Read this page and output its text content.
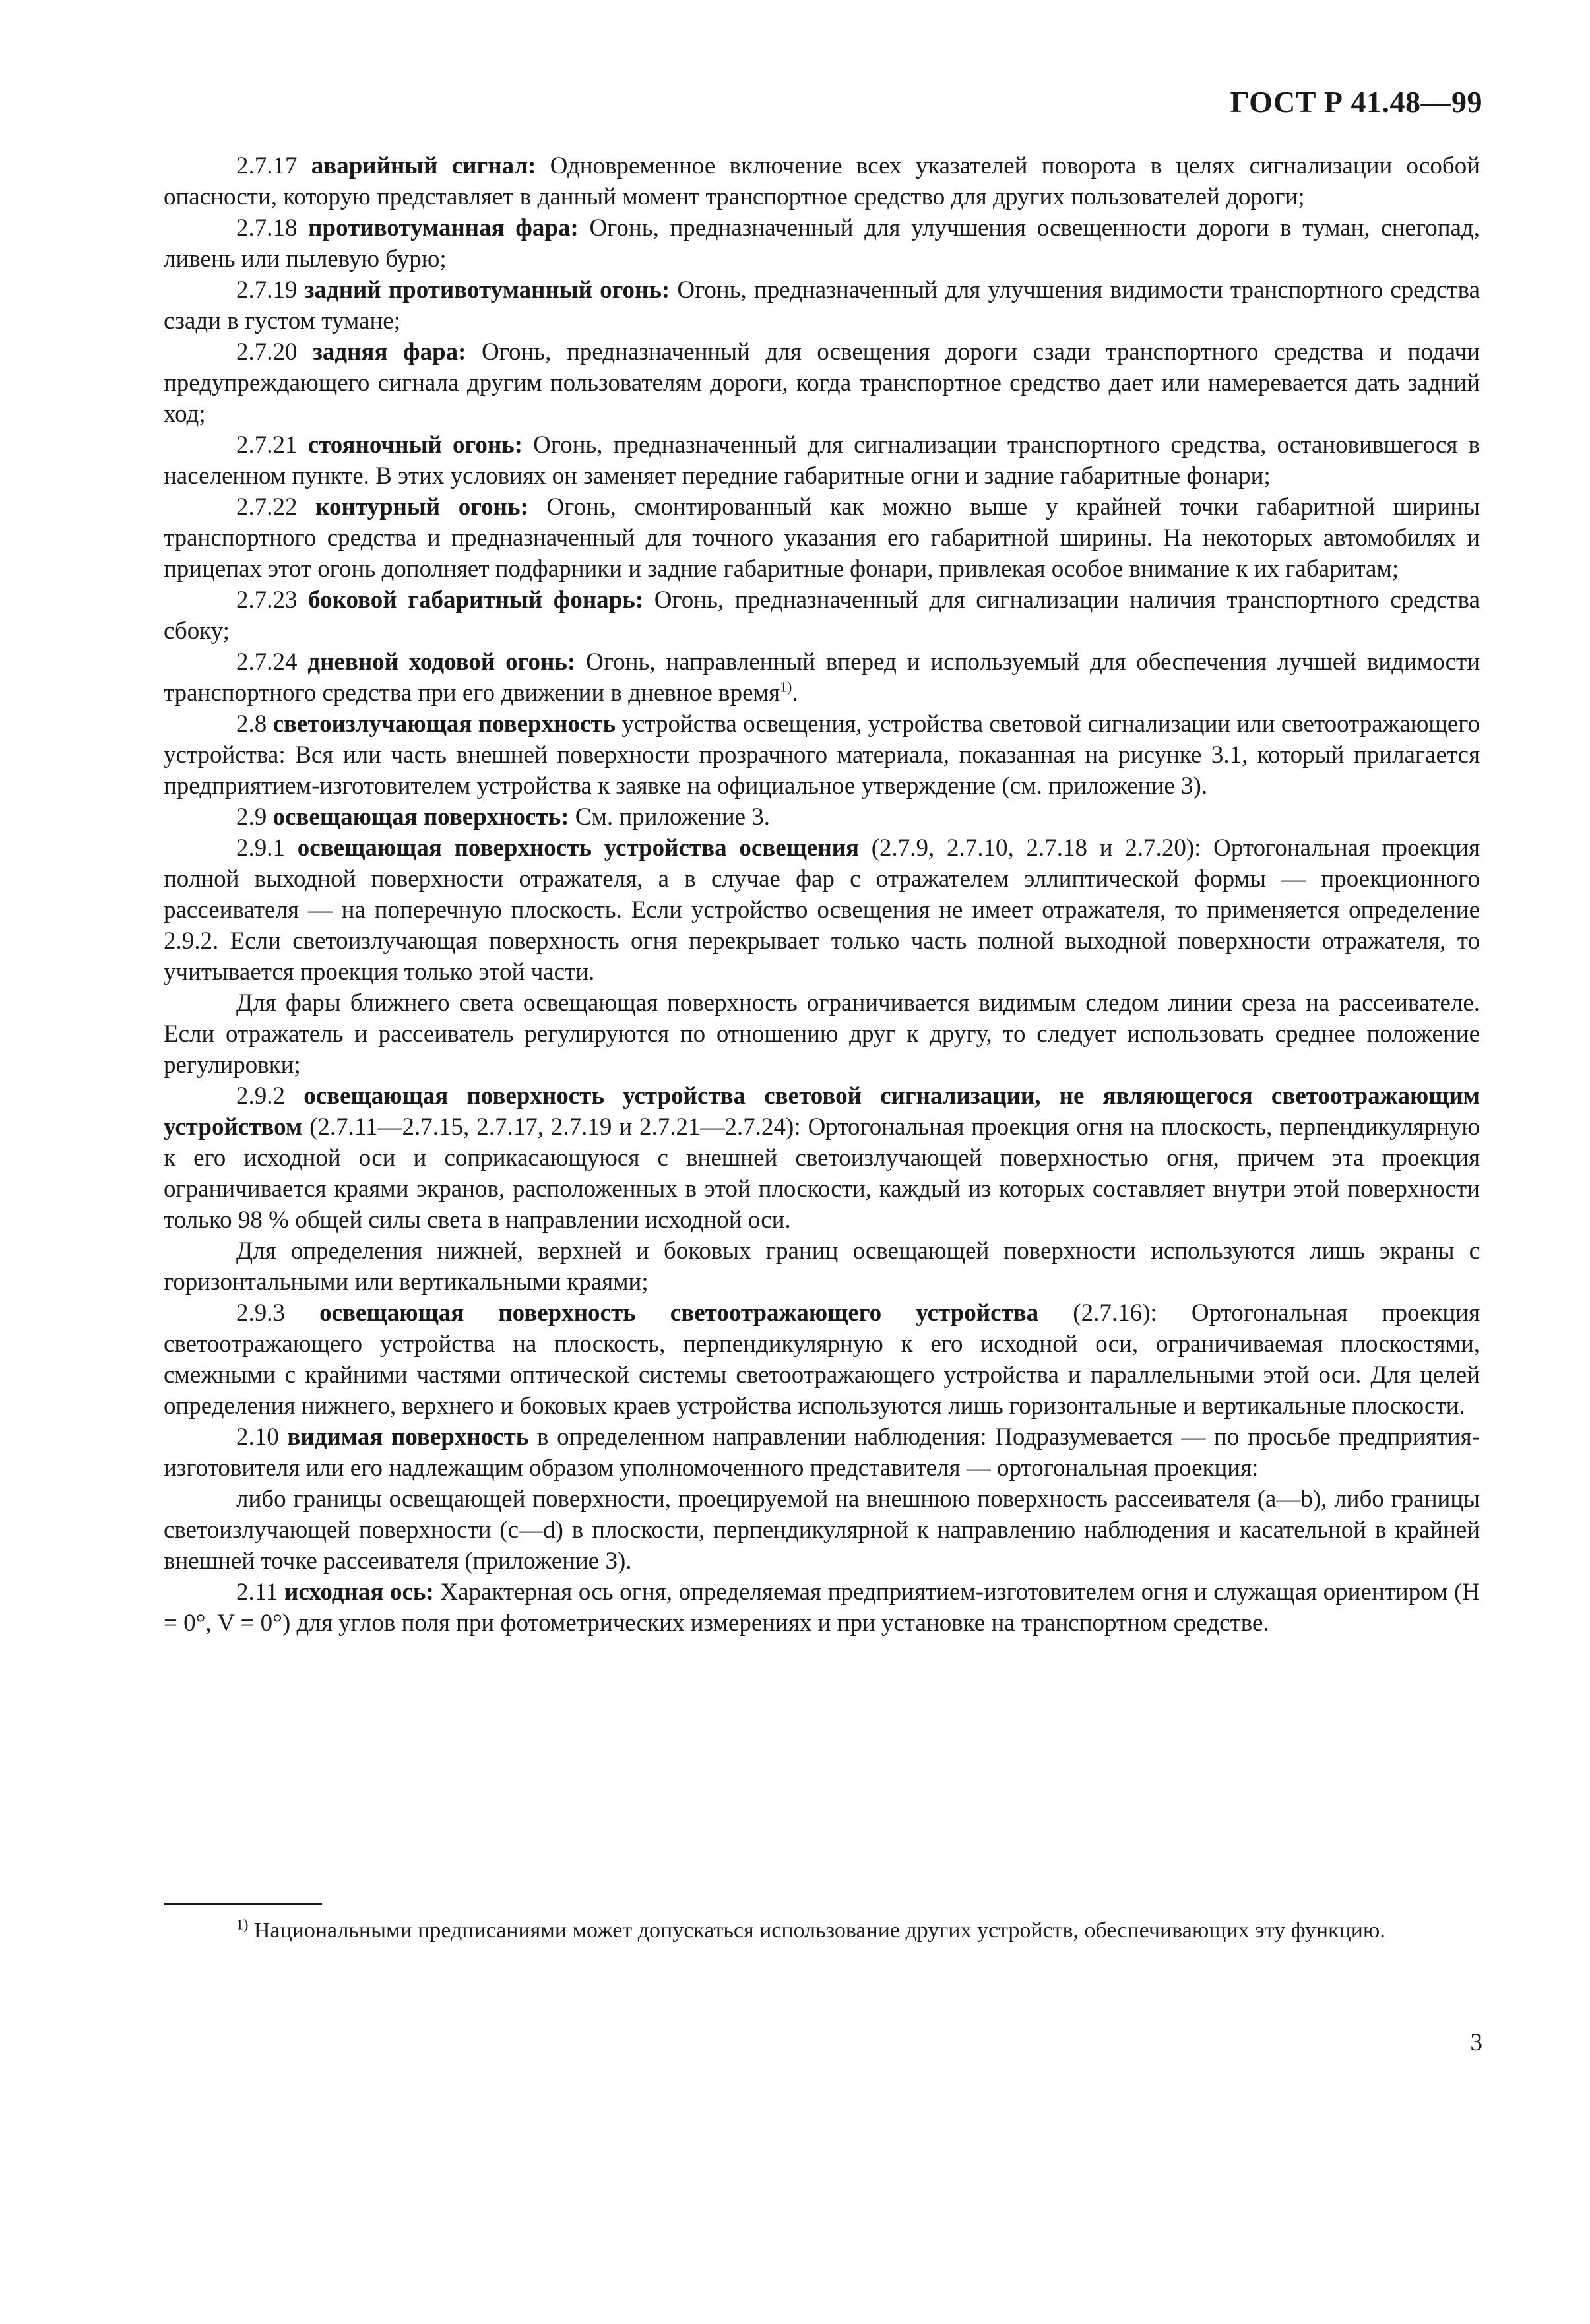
ГОСТ Р 41.48—99

2.7.17 аварийный сигнал: Одновременное включение всех указателей поворота в целях сигнализации особой опасности, которую представляет в данный момент транспортное средство для других пользователей дороги;

2.7.18 противотуманная фара: Огонь, предназначенный для улучшения освещенности дороги в туман, снегопад, ливень или пылевую бурю;

2.7.19 задний противотуманный огонь: Огонь, предназначенный для улучшения видимости транспортного средства сзади в густом тумане;

2.7.20 задняя фара: Огонь, предназначенный для освещения дороги сзади транспортного средства и подачи предупреждающего сигнала другим пользователям дороги, когда транспортное средство дает или намеревается дать задний ход;

2.7.21 стояночный огонь: Огонь, предназначенный для сигнализации транспортного средства, остановившегося в населенном пункте. В этих условиях он заменяет передние габаритные огни и задние габаритные фонари;

2.7.22 контурный огонь: Огонь, смонтированный как можно выше у крайней точки габаритной ширины транспортного средства и предназначенный для точного указания его габаритной ширины. На некоторых автомобилях и прицепах этот огонь дополняет подфарники и задние габаритные фонари, привлекая особое внимание к их габаритам;

2.7.23 боковой габаритный фонарь: Огонь, предназначенный для сигнализации наличия транспортного средства сбоку;

2.7.24 дневной ходовой огонь: Огонь, направленный вперед и используемый для обеспечения лучшей видимости транспортного средства при его движении в дневное время$^{1)}$.

2.8 светоизлучающая поверхность устройства освещения, устройства световой сигнализации или светоотражающего устройства: Вся или часть внешней поверхности прозрачного материала, показанная на рисунке 3.1, который прилагается предприятием-изготовителем устройства к заявке на официальное утверждение (см. приложение 3).

2.9 освещающая поверхность: См. приложение 3.

2.9.1 освещающая поверхность устройства освещения (2.7.9, 2.7.10, 2.7.18 и 2.7.20): Ортогональная проекция полной выходной поверхности отражателя, а в случае фар с отражателем эллиптической формы — проекционного рассеивателя — на поперечную плоскость. Если устройство освещения не имеет отражателя, то применяется определение 2.9.2. Если светоизлучающая поверхность огня перекрывает только часть полной выходной поверхности отражателя, то учитывается проекция только этой части.

Для фары ближнего света освещающая поверхность ограничивается видимым следом линии среза на рассеивателе. Если отражатель и рассеиватель регулируются по отношению друг к другу, то следует использовать среднее положение регулировки;

2.9.2 освещающая поверхность устройства световой сигнализации, не являющегося светоотражающим устройством (2.7.11—2.7.15, 2.7.17, 2.7.19 и 2.7.21—2.7.24): Ортогональная проекция огня на плоскость, перпендикулярную к его исходной оси и соприкасающуюся с внешней светоизлучающей поверхностью огня, причем эта проекция ограничивается краями экранов, расположенных в этой плоскости, каждый из которых составляет внутри этой поверхности только 98 % общей силы света в направлении исходной оси.

Для определения нижней, верхней и боковых границ освещающей поверхности используются лишь экраны с горизонтальными или вертикальными краями;

2.9.3 освещающая поверхность светоотражающего устройства (2.7.16): Ортогональная проекция светоотражающего устройства на плоскость, перпендикулярную к его исходной оси, ограничиваемая плоскостями, смежными с крайними частями оптической системы светоотражающего устройства и параллельными этой оси. Для целей определения нижнего, верхнего и боковых краев устройства используются лишь горизонтальные и вертикальные плоскости.

2.10 видимая поверхность в определенном направлении наблюдения: Подразумевается — по просьбе предприятия-изготовителя или его надлежащим образом уполномоченного представителя — ортогональная проекция:

либо границы освещающей поверхности, проецируемой на внешнюю поверхность рассеивателя (a—b), либо границы светоизлучающей поверхности (c—d) в плоскости, перпендикулярной к направлению наблюдения и касательной в крайней внешней точке рассеивателя (приложение 3).

2.11 исходная ось: Характерная ось огня, определяемая предприятием-изготовителем огня и служащая ориентиром (H = 0°, V = 0°) для углов поля при фотометрических измерениях и при установке на транспортном средстве.

$^{1)}$ Национальными предписаниями может допускаться использование других устройств, обеспечивающих эту функцию.

3
